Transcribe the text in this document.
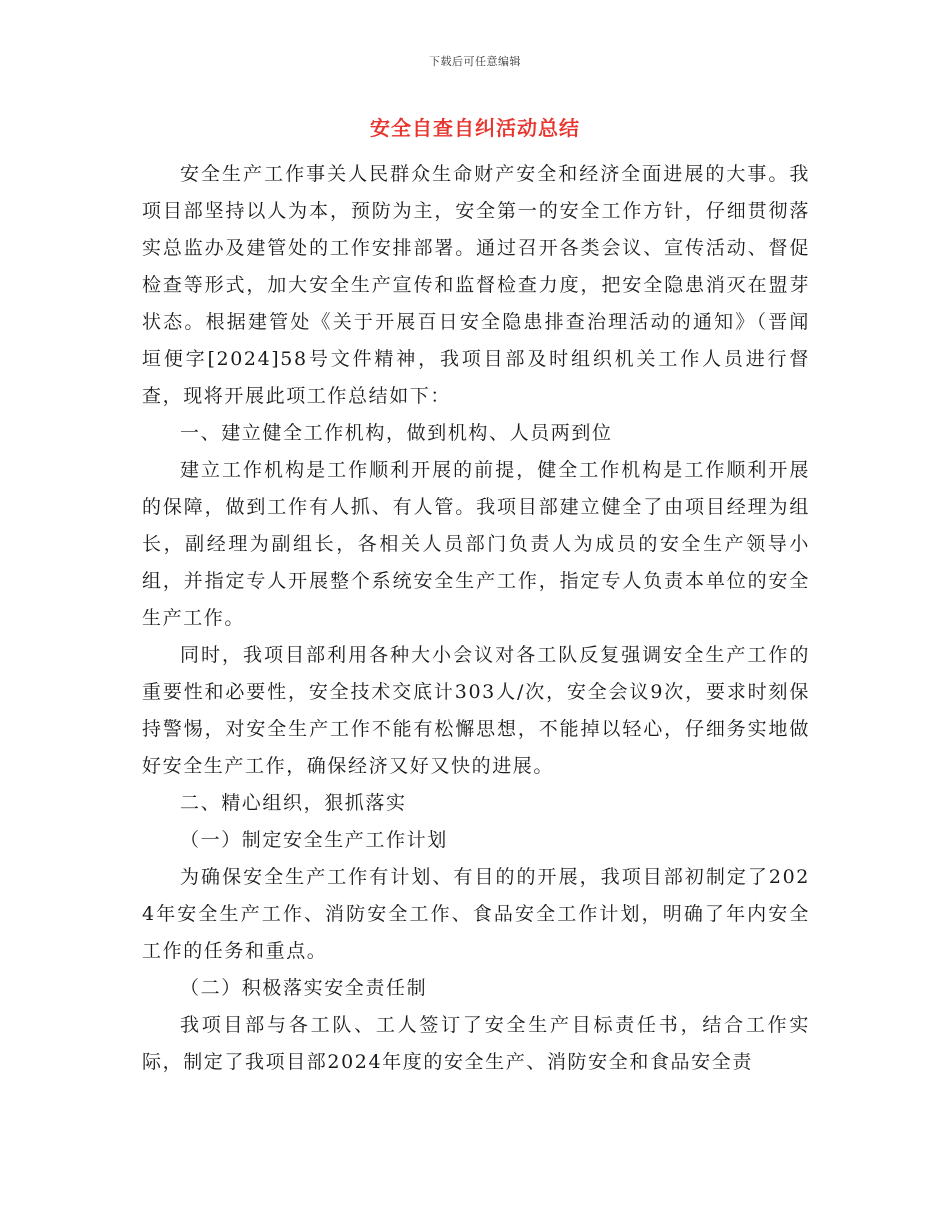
下载后可任意编辑
安全自查自纠活动总结

安全生产工作事关人民群众生命财产安全和经济全面进展的大事。我项目部坚持以人为本，预防为主，安全第一的安全工作方针，仔细贯彻落实总监办及建管处的工作安排部署。通过召开各类会议、宣传活动、督促检查等形式，加大安全生产宣传和监督检查力度，把安全隐患消灭在盟芽状态。根据建管处《关于开展百日安全隐患排查治理活动的通知》（晋闻垣便字[2024]58号文件精神，我项目部及时组织机关工作人员进行督查，现将开展此项工作总结如下：

一、建立健全工作机构，做到机构、人员两到位

建立工作机构是工作顺利开展的前提，健全工作机构是工作顺利开展的保障，做到工作有人抓、有人管。我项目部建立健全了由项目经理为组长，副经理为副组长，各相关人员部门负责人为成员的安全生产领导小组，并指定专人开展整个系统安全生产工作，指定专人负责本单位的安全生产工作。

同时，我项目部利用各种大小会议对各工队反复强调安全生产工作的重要性和必要性，安全技术交底计303人/次，安全会议9次，要求时刻保持警惕，对安全生产工作不能有松懈思想，不能掉以轻心，仔细务实地做好安全生产工作，确保经济又好又快的进展。

二、精心组织，狠抓落实

（一）制定安全生产工作计划

为确保安全生产工作有计划、有目的的开展，我项目部初制定了2024年安全生产工作、消防安全工作、食品安全工作计划，明确了年内安全工作的任务和重点。

（二）积极落实安全责任制

我项目部与各工队、工人签订了安全生产目标责任书，结合工作实际，制定了我项目部2024年度的安全生产、消防安全和食品安全责
